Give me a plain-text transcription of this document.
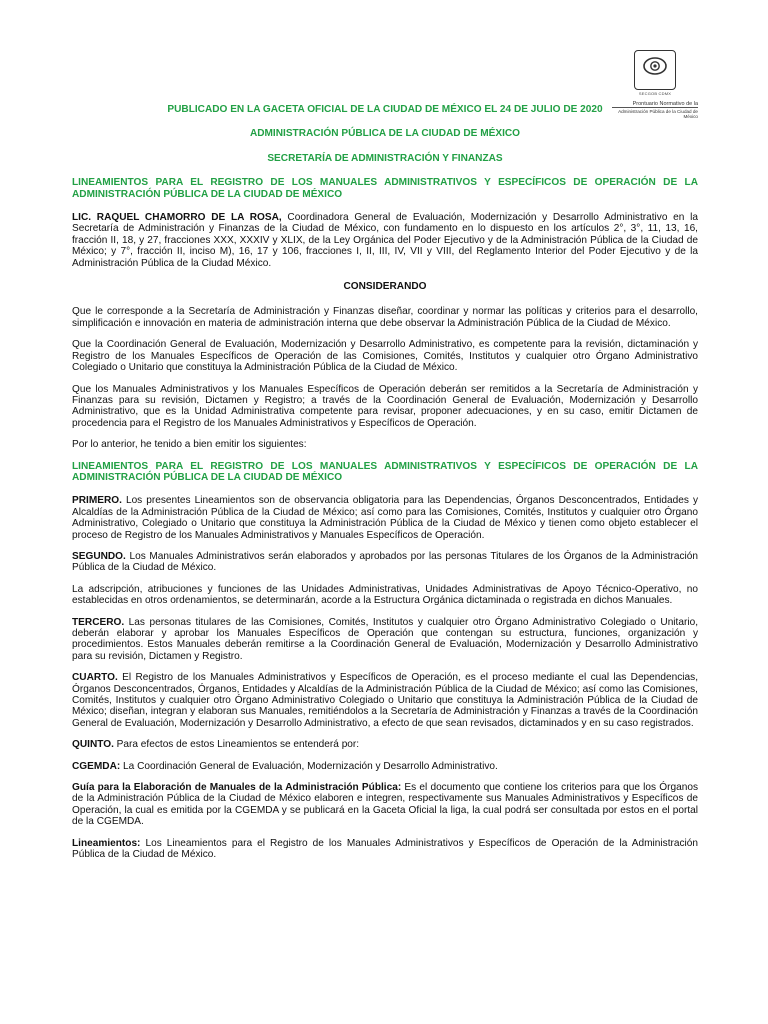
SECGOB CDMX
Prontuario Normativo de la
Administración Pública de la Ciudad de México
PUBLICADO EN LA GACETA OFICIAL DE LA CIUDAD DE MÉXICO EL 24 DE JULIO DE 2020
ADMINISTRACIÓN PÚBLICA DE LA CIUDAD DE MÉXICO
SECRETARÍA DE ADMINISTRACIÓN Y FINANZAS
LINEAMIENTOS PARA EL REGISTRO DE LOS MANUALES ADMINISTRATIVOS Y ESPECÍFICOS DE OPERACIÓN DE LA ADMINISTRACIÓN PÚBLICA DE LA CIUDAD DE MÉXICO

LIC. RAQUEL CHAMORRO DE LA ROSA, Coordinadora General de Evaluación, Modernización y Desarrollo Administrativo en la Secretaría de Administración y Finanzas de la Ciudad de México, con fundamento en lo dispuesto en los artículos 2°, 3°, 11, 13, 16, fracción II, 18, y 27, fracciones XXX, XXXIV y XLIX, de la Ley Orgánica del Poder Ejecutivo y de la Administración Pública de la Ciudad de México; y 7°, fracción II, inciso M), 16, 17 y 106, fracciones I, II, III, IV, VII y VIII, del Reglamento Interior del Poder Ejecutivo y de la Administración Pública de la Ciudad México.

CONSIDERANDO

Que le corresponde a la Secretaría de Administración y Finanzas diseñar, coordinar y normar las políticas y criterios para el desarrollo, simplificación e innovación en materia de administración interna que debe observar la Administración Pública de la Ciudad de México.

Que la Coordinación General de Evaluación, Modernización y Desarrollo Administrativo, es competente para la revisión, dictaminación y Registro de los Manuales Específicos de Operación de las Comisiones, Comités, Institutos y cualquier otro Órgano Administrativo Colegiado o Unitario que constituya la Administración Pública de la Ciudad de México.

Que los Manuales Administrativos y los Manuales Específicos de Operación deberán ser remitidos a la Secretaría de Administración y Finanzas para su revisión, Dictamen y Registro; a través de la Coordinación General de Evaluación, Modernización y Desarrollo Administrativo, que es la Unidad Administrativa competente para revisar, proponer adecuaciones, y en su caso, emitir Dictamen de procedencia para el Registro de los Manuales Administrativos y Específicos de Operación.

Por lo anterior, he tenido a bien emitir los siguientes:

LINEAMIENTOS PARA EL REGISTRO DE LOS MANUALES ADMINISTRATIVOS Y ESPECÍFICOS DE OPERACIÓN DE LA ADMINISTRACIÓN PÚBLICA DE LA CIUDAD DE MÉXICO

PRIMERO. Los presentes Lineamientos son de observancia obligatoria para las Dependencias, Órganos Desconcentrados, Entidades y Alcaldías de la Administración Pública de la Ciudad de México; así como para las Comisiones, Comités, Institutos y cualquier otro Órgano Administrativo, Colegiado o Unitario que constituya la Administración Pública de la Ciudad de México y tienen como objeto establecer el proceso de Registro de los Manuales Administrativos y Manuales Específicos de Operación.

SEGUNDO. Los Manuales Administrativos serán elaborados y aprobados por las personas Titulares de los Órganos de la Administración Pública de la Ciudad de México.

La adscripción, atribuciones y funciones de las Unidades Administrativas, Unidades Administrativas de Apoyo Técnico-Operativo, no establecidas en otros ordenamientos, se determinarán, acorde a la Estructura Orgánica dictaminada o registrada en dichos Manuales.

TERCERO. Las personas titulares de las Comisiones, Comités, Institutos y cualquier otro Órgano Administrativo Colegiado o Unitario, deberán elaborar y aprobar los Manuales Específicos de Operación que contengan su estructura, funciones, organización y procedimientos. Estos Manuales deberán remitirse a la Coordinación General de Evaluación, Modernización y Desarrollo Administrativo para su revisión, Dictamen y Registro.

CUARTO. El Registro de los Manuales Administrativos y Específicos de Operación, es el proceso mediante el cual las Dependencias, Órganos Desconcentrados, Órganos, Entidades y Alcaldías de la Administración Pública de la Ciudad de México; así como las Comisiones, Comités, Institutos y cualquier otro Órgano Administrativo Colegiado o Unitario que constituya la Administración Pública de la Ciudad de México; diseñan, integran y elaboran sus Manuales, remitiéndolos a la Secretaría de Administración y Finanzas a través de la Coordinación General de Evaluación, Modernización y Desarrollo Administrativo, a efecto de que sean revisados, dictaminados y en su caso registrados.

QUINTO. Para efectos de estos Lineamientos se entenderá por:

CGEMDA: La Coordinación General de Evaluación, Modernización y Desarrollo Administrativo.

Guía para la Elaboración de Manuales de la Administración Pública: Es el documento que contiene los criterios para que los Órganos de la Administración Pública de la Ciudad de México elaboren e integren, respectivamente sus Manuales Administrativos y Específicos de Operación, la cual es emitida por la CGEMDA y se publicará en la Gaceta Oficial la liga, la cual podrá ser consultada por estos en el portal de la CGEMDA.

Lineamientos: Los Lineamientos para el Registro de los Manuales Administrativos y Específicos de Operación de la Administración Pública de la Ciudad de México.
